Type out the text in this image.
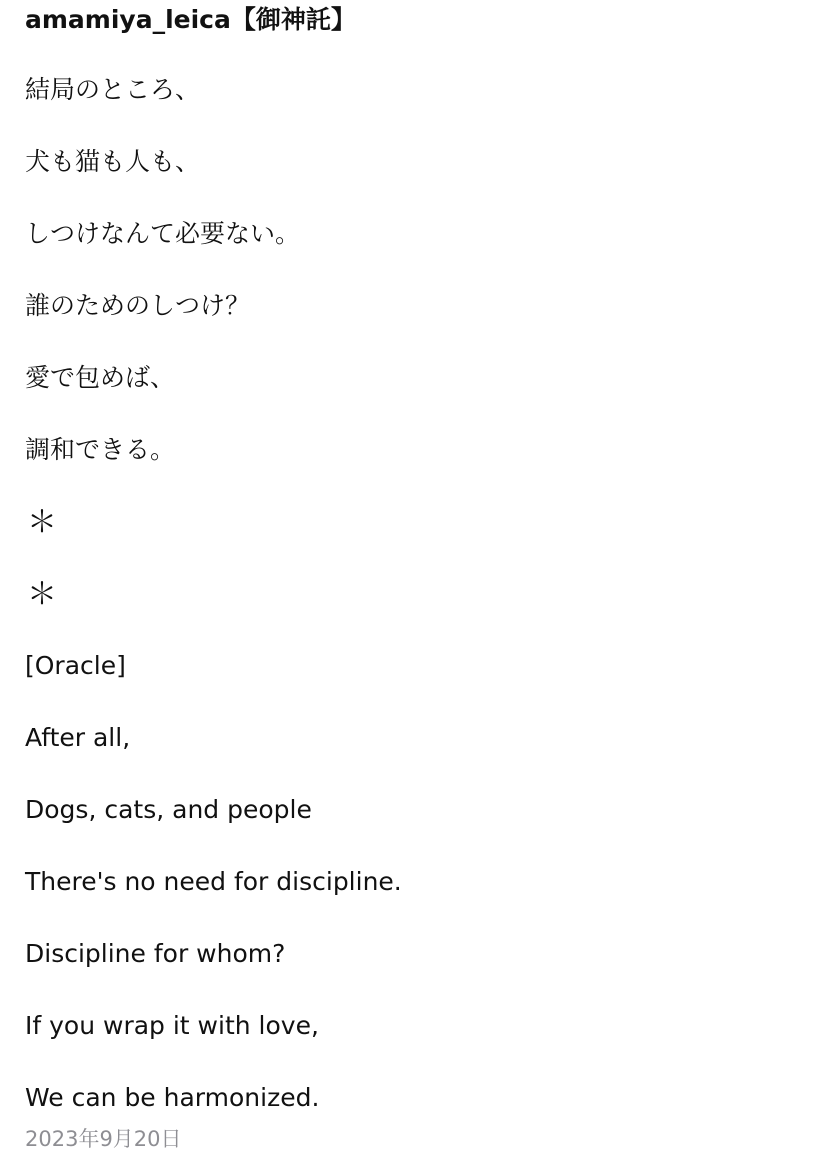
amamiya_leica【御神託】
結局のところ、
犬も猫も人も、
しつけなんて必要ない。
誰のためのしつけ？
愛で包めば、
調和できる。
＊
＊
[Oracle]
After all,
Dogs, cats, and people
There's no need for discipline.
Discipline for whom?
If you wrap it with love,
We can be harmonized.
2023年9月20日
